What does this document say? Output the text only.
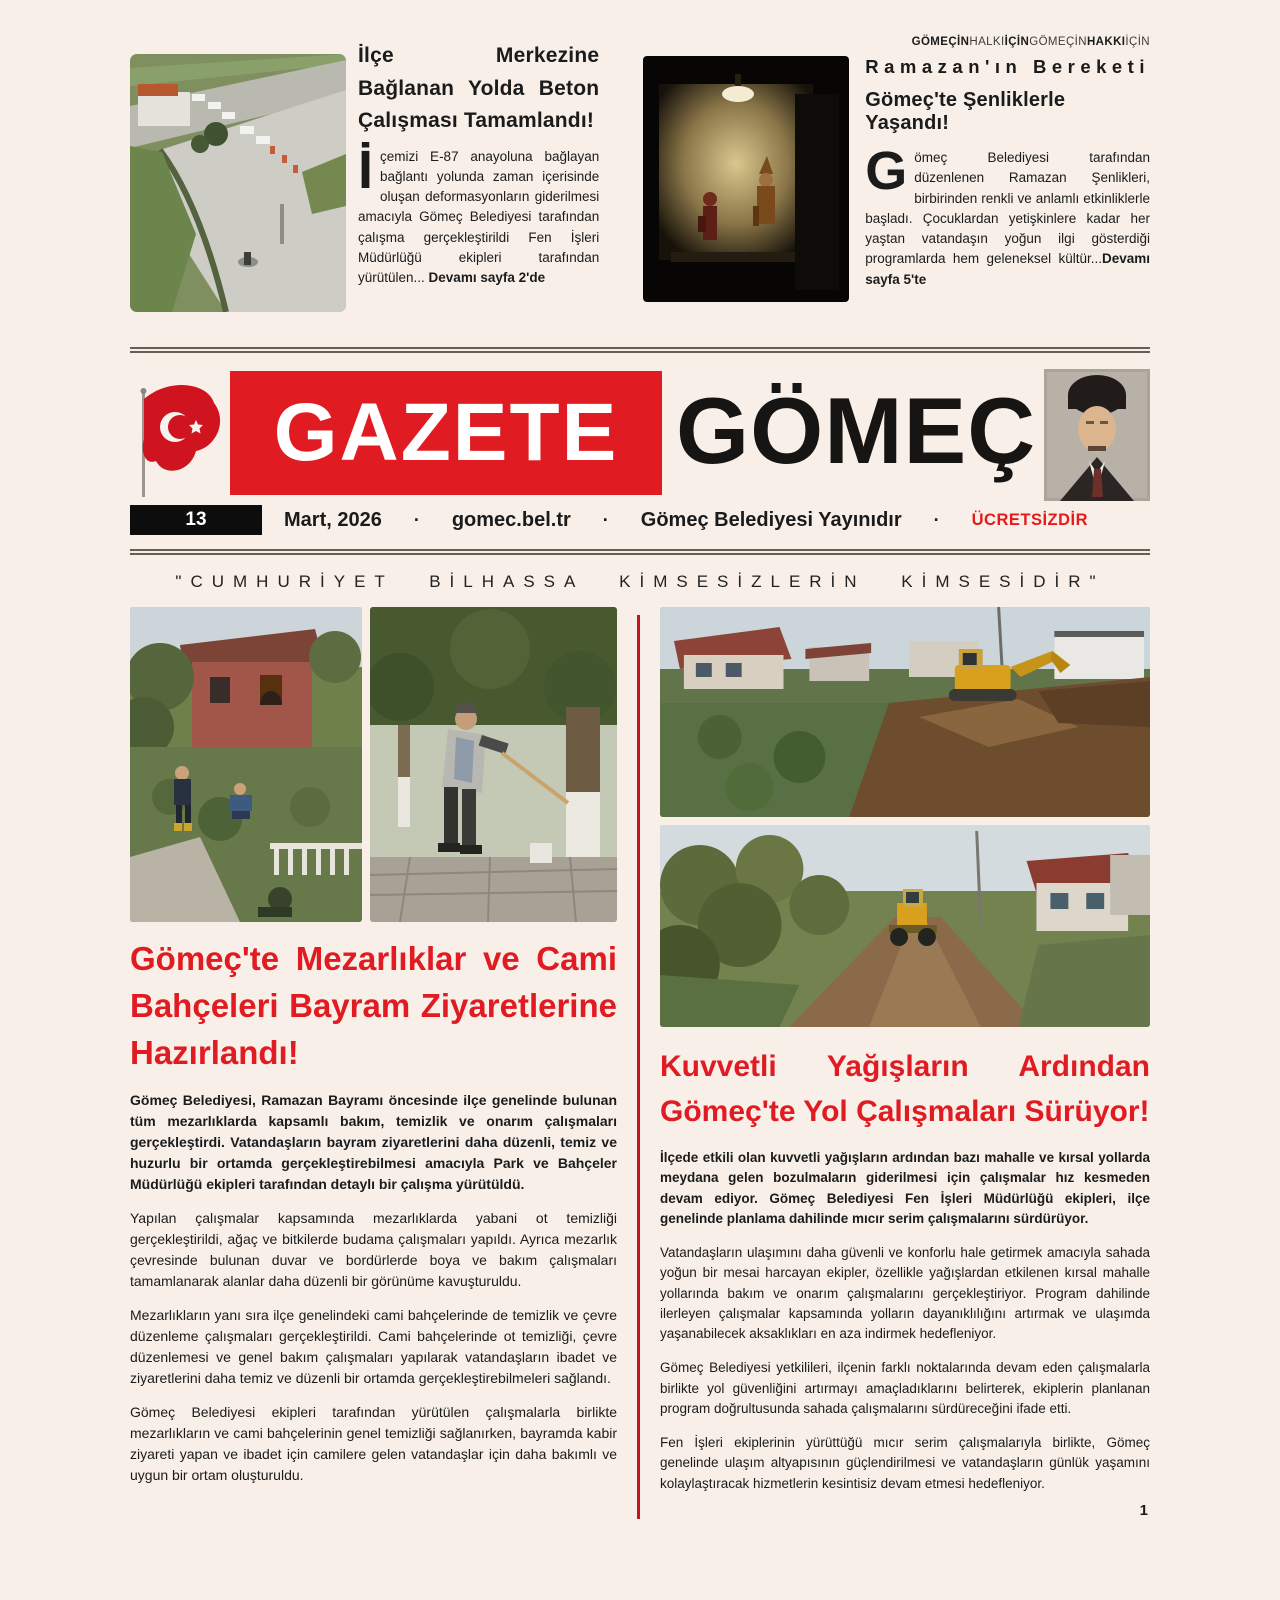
İlçe Merkezine Bağlanan Yolda Beton Çalışması Tamamlandı!

İçemizi E-87 anayoluna bağlayan bağlantı yolunda zaman içerisinde oluşan deformasyonların giderilmesi amacıyla Gömeç Belediyesi tarafından çalışma gerçekleştirildi Fen İşleri Müdürlüğü ekipleri tarafından yürütülen... Devamı sayfa 2'de

GÖMEÇİNHALKIİÇİNGÖMEÇİNHAKKIİÇİN
Ramazan'ın Bereketi
Gömeç'te Şenliklerle Yaşandı!

Gömeç Belediyesi tarafından düzenlenen Ramazan Şenlikleri, birbirinden renkli ve anlamlı etkinliklerle başladı. Çocuklardan yetişkinlere kadar her yaştan vatandaşın yoğun ilgi gösterdiği programlarda hem geleneksel kültür...Devamı sayfa 5'te

GAZETE GÖMEÇ
13	Mart, 2026 · gomec.bel.tr · Gömeç Belediyesi Yayınıdır · ÜCRETSİZDİR
"CUMHURİYET BİLHASSA KİMSESİZLERİN KİMSESİDİR"
Gömeç'te Mezarlıklar ve Cami Bahçeleri Bayram Ziyaretlerine Hazırlandı!

Gömeç Belediyesi, Ramazan Bayramı öncesinde ilçe genelinde bulunan tüm mezarlıklarda kapsamlı bakım, temizlik ve onarım çalışmaları gerçekleştirdi. Vatandaşların bayram ziyaretlerini daha düzenli, temiz ve huzurlu bir ortamda gerçekleştirebilmesi amacıyla Park ve Bahçeler Müdürlüğü ekipleri tarafından detaylı bir çalışma yürütüldü.

Yapılan çalışmalar kapsamında mezarlıklarda yabani ot temizliği gerçekleştirildi, ağaç ve bitkilerde budama çalışmaları yapıldı. Ayrıca mezarlık çevresinde bulunan duvar ve bordürlerde boya ve bakım çalışmaları tamamlanarak alanlar daha düzenli bir görünüme kavuşturuldu.

Mezarlıkların yanı sıra ilçe genelindeki cami bahçelerinde de temizlik ve çevre düzenleme çalışmaları gerçekleştirildi. Cami bahçelerinde ot temizliği, çevre düzenlemesi ve genel bakım çalışmaları yapılarak vatandaşların ibadet ve ziyaretlerini daha temiz ve düzenli bir ortamda gerçekleştirebilmeleri sağlandı.

Gömeç Belediyesi ekipleri tarafından yürütülen çalışmalarla birlikte mezarlıkların ve cami bahçelerinin genel temizliği sağlanırken, bayramda kabir ziyareti yapan ve ibadet için camilere gelen vatandaşlar için daha bakımlı ve uygun bir ortam oluşturuldu.

Kuvvetli Yağışların Ardından Gömeç'te Yol Çalışmaları Sürüyor!

İlçede etkili olan kuvvetli yağışların ardından bazı mahalle ve kırsal yollarda meydana gelen bozulmaların giderilmesi için çalışmalar hız kesmeden devam ediyor. Gömeç Belediyesi Fen İşleri Müdürlüğü ekipleri, ilçe genelinde planlama dahilinde mıcır serim çalışmalarını sürdürüyor.

Vatandaşların ulaşımını daha güvenli ve konforlu hale getirmek amacıyla sahada yoğun bir mesai harcayan ekipler, özellikle yağışlardan etkilenen kırsal mahalle yollarında bakım ve onarım çalışmalarını gerçekleştiriyor. Program dahilinde ilerleyen çalışmalar kapsamında yolların dayanıklılığını artırmak ve ulaşımda yaşanabilecek aksaklıkları en aza indirmek hedefleniyor.

Gömeç Belediyesi yetkilileri, ilçenin farklı noktalarında devam eden çalışmalarla birlikte yol güvenliğini artırmayı amaçladıklarını belirterek, ekiplerin planlanan program doğrultusunda sahada çalışmalarını sürdüreceğini ifade etti.

Fen İşleri ekiplerinin yürüttüğü mıcır serim çalışmalarıyla birlikte, Gömeç genelinde ulaşım altyapısının güçlendirilmesi ve vatandaşların günlük yaşamını kolaylaştıracak hizmetlerin kesintisiz devam etmesi hedefleniyor.

1
